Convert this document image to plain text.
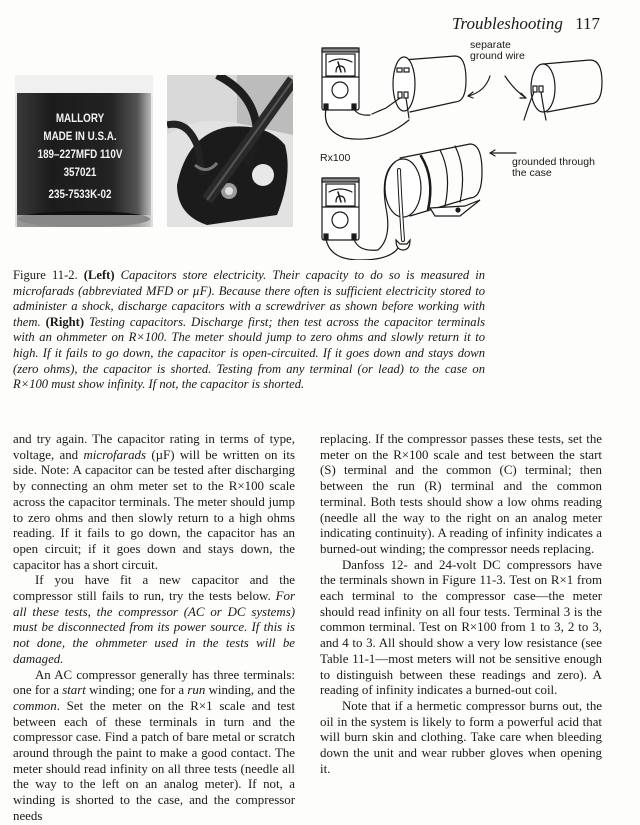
Troubleshooting 117
MALLORY
MADE IN U.S.A.
189–227MFD 110V
357021
235-7533K-02
separate
ground wire
Rx100	grounded through
the case
Figure 11-2. (Left) Capacitors store electricity. Their capacity to do so is measured in microfarads (abbreviated MFD or µF). Because there often is sufficient electricity stored to administer a shock, discharge capacitors with a screwdriver as shown before working with them. (Right) Testing capacitors. Discharge first; then test across the capacitor terminals with an ohmmeter on R×100. The meter should jump to zero ohms and slowly return it to high. If it fails to go down, the capacitor is open-circuited. If it goes down and stays down (zero ohms), the capacitor is shorted. Testing from any terminal (or lead) to the case on R×100 must show infinity. If not, the capacitor is shorted.

and try again. The capacitor rating in terms of type, voltage, and microfarads (µF) will be written on its side. Note: A capacitor can be tested after discharging by connecting an ohm meter set to the R×100 scale across the capacitor terminals. The meter should jump to zero ohms and then slowly return to a high ohms reading. If it fails to go down, the capacitor has an open circuit; if it goes down and stays down, the capacitor has a short circuit.

If you have fit a new capacitor and the compressor still fails to run, try the tests below. For all these tests, the compressor (AC or DC systems) must be disconnected from its power source. If this is not done, the ohmmeter used in the tests will be damaged.

An AC compressor generally has three terminals: one for a start winding; one for a run winding, and the common. Set the meter on the R×1 scale and test between each of these terminals in turn and the compressor case. Find a patch of bare metal or scratch around through the paint to make a good contact. The meter should read infinity on all three tests (needle all the way to the left on an analog meter). If not, a winding is shorted to the case, and the compressor needs

replacing. If the compressor passes these tests, set the meter on the R×100 scale and test between the start (S) terminal and the common (C) terminal; then between the run (R) terminal and the common terminal. Both tests should show a low ohms reading (needle all the way to the right on an analog meter indicating continuity). A reading of infinity indicates a burned-out winding; the compressor needs replacing.

Danfoss 12- and 24-volt DC compressors have the terminals shown in Figure 11-3. Test on R×1 from each terminal to the compressor case—the meter should read infinity on all four tests. Terminal 3 is the common terminal. Test on R×100 from 1 to 3, 2 to 3, and 4 to 3. All should show a very low resistance (see Table 11-1—most meters will not be sensitive enough to distinguish between these readings and zero). A reading of infinity indicates a burned-out coil.

Note that if a hermetic compressor burns out, the oil in the system is likely to form a powerful acid that will burn skin and clothing. Take care when bleeding down the unit and wear rubber gloves when opening it.
